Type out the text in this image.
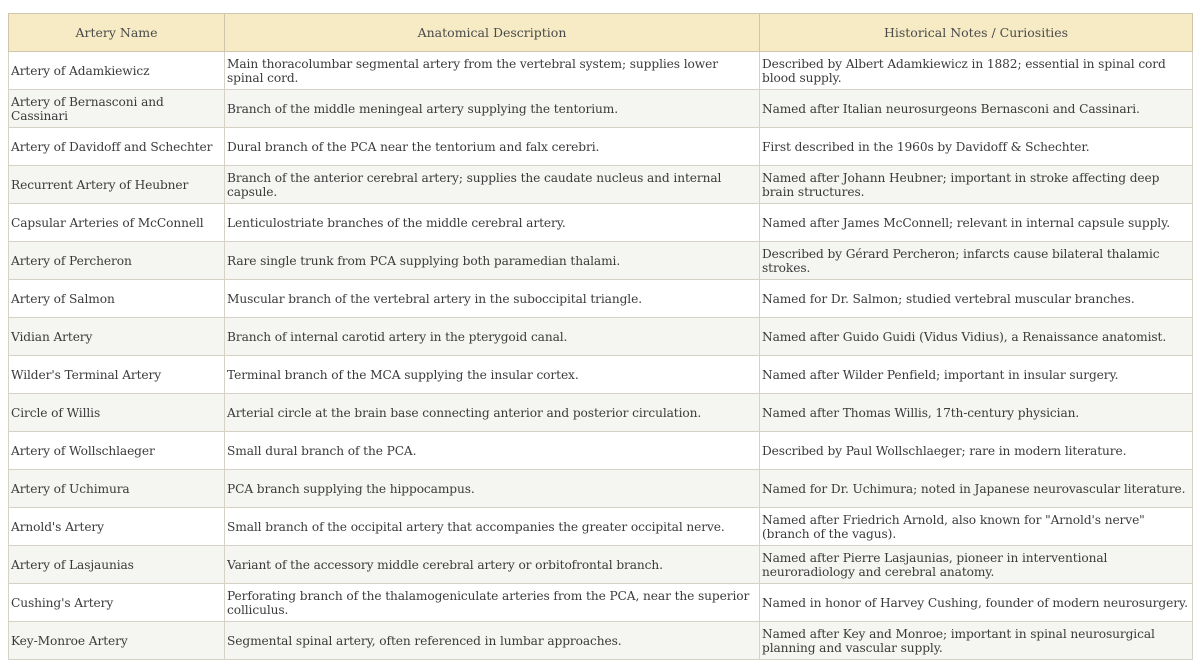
Artery Name	Anatomical Description	Historical Notes / Curiosities
Artery of Adamkiewicz	Main thoracolumbar segmental artery from the vertebral system; supplies lower spinal cord.	Described by Albert Adamkiewicz in 1882; essential in spinal cord blood supply.
Artery of Bernasconi and Cassinari	Branch of the middle meningeal artery supplying the tentorium.	Named after Italian neurosurgeons Bernasconi and Cassinari.
Artery of Davidoff and Schechter	Dural branch of the PCA near the tentorium and falx cerebri.	First described in the 1960s by Davidoff & Schechter.
Recurrent Artery of Heubner	Branch of the anterior cerebral artery; supplies the caudate nucleus and internal capsule.	Named after Johann Heubner; important in stroke affecting deep brain structures.
Capsular Arteries of McConnell	Lenticulostriate branches of the middle cerebral artery.	Named after James McConnell; relevant in internal capsule supply.
Artery of Percheron	Rare single trunk from PCA supplying both paramedian thalami.	Described by Gérard Percheron; infarcts cause bilateral thalamic strokes.
Artery of Salmon	Muscular branch of the vertebral artery in the suboccipital triangle.	Named for Dr. Salmon; studied vertebral muscular branches.
Vidian Artery	Branch of internal carotid artery in the pterygoid canal.	Named after Guido Guidi (Vidus Vidius), a Renaissance anatomist.
Wilder's Terminal Artery	Terminal branch of the MCA supplying the insular cortex.	Named after Wilder Penfield; important in insular surgery.
Circle of Willis	Arterial circle at the brain base connecting anterior and posterior circulation.	Named after Thomas Willis, 17th-century physician.
Artery of Wollschlaeger	Small dural branch of the PCA.	Described by Paul Wollschlaeger; rare in modern literature.
Artery of Uchimura	PCA branch supplying the hippocampus.	Named for Dr. Uchimura; noted in Japanese neurovascular literature.
Arnold's Artery	Small branch of the occipital artery that accompanies the greater occipital nerve.	Named after Friedrich Arnold, also known for "Arnold's nerve" (branch of the vagus).
Artery of Lasjaunias	Variant of the accessory middle cerebral artery or orbitofrontal branch.	Named after Pierre Lasjaunias, pioneer in interventional neuroradiology and cerebral anatomy.
Cushing's Artery	Perforating branch of the thalamogeniculate arteries from the PCA, near the superior colliculus.	Named in honor of Harvey Cushing, founder of modern neurosurgery.
Key-Monroe Artery	Segmental spinal artery, often referenced in lumbar approaches.	Named after Key and Monroe; important in spinal neurosurgical planning and vascular supply.
